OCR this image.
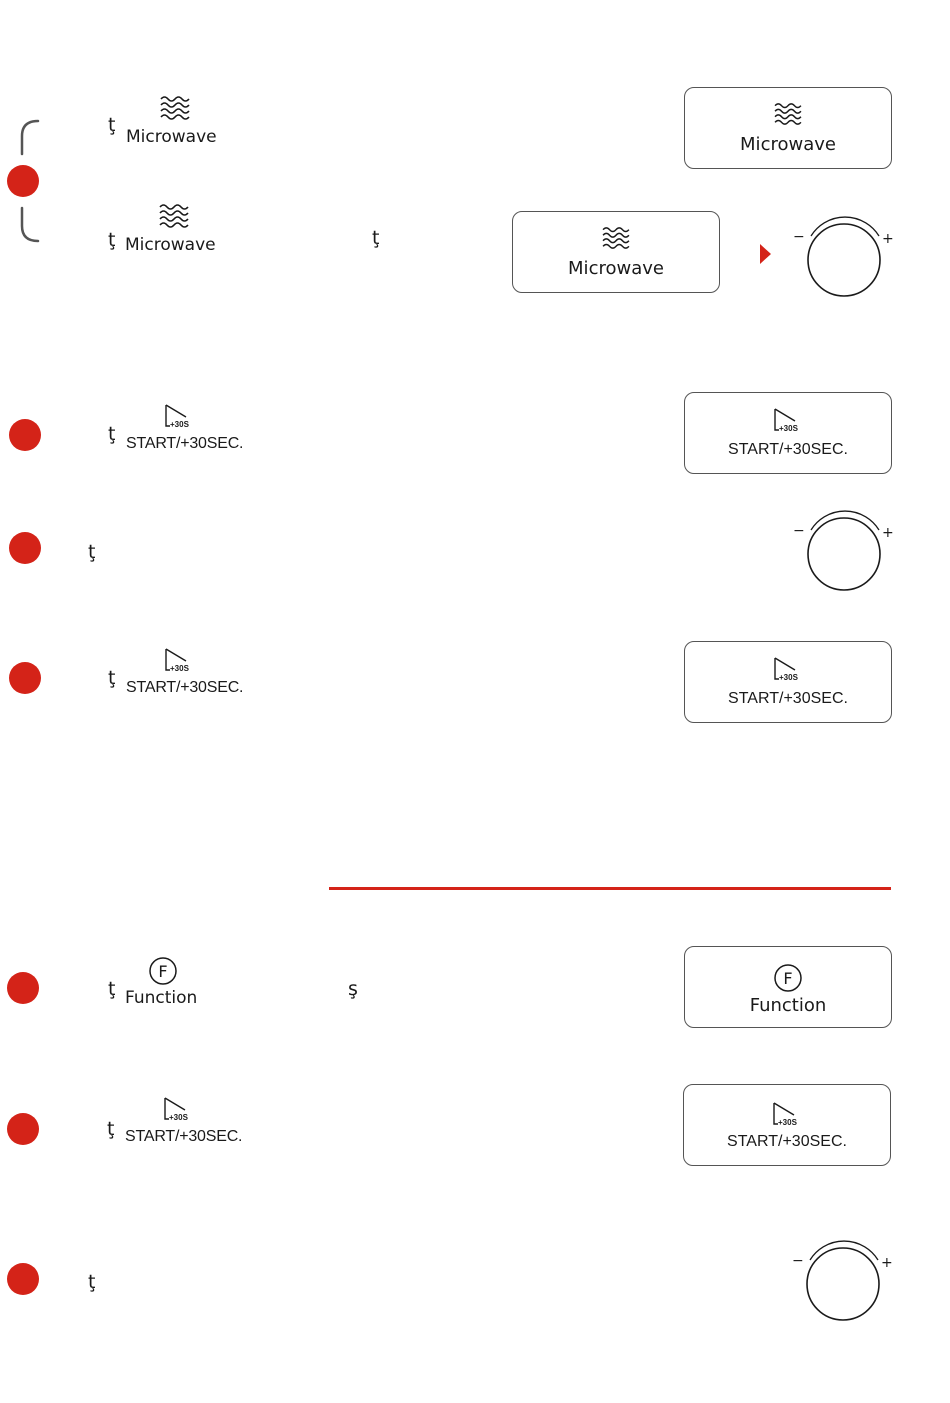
ţ
Microwave	Microwave
ţ Microwave	ţ
Microwave
−	+
ţ	+30S
START/+30SEC.
+30S
START/+30SEC.
ţ
−	+
ţ	+30S
START/+30SEC.
+30S
START/+30SEC.
ţ
F
Function	ş	F
Function
ţ
+30S
START/+30SEC.
+30S
START/+30SEC.
ţ
−	+
